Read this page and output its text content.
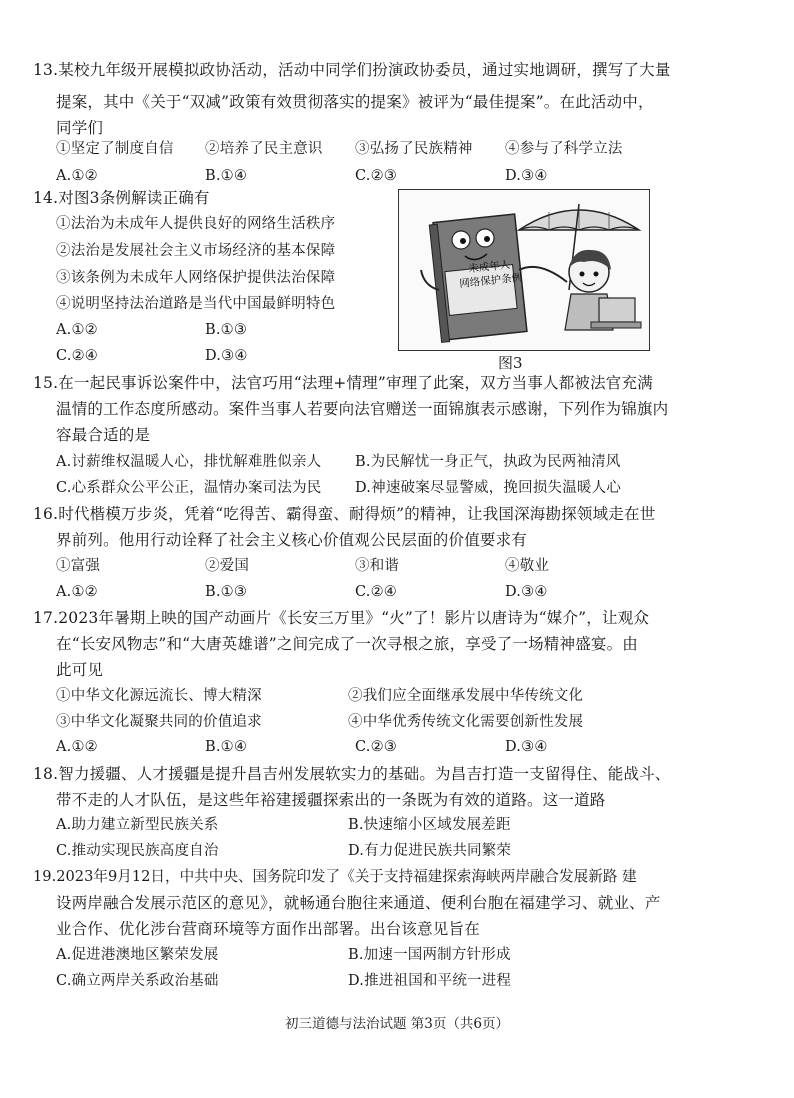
13.某校九年级开展模拟政协活动，活动中同学们扮演政协委员，通过实地调研，撰写了大量
提案，其中《关于“双减”政策有效贯彻落实的提案》被评为“最佳提案”。在此活动中，
同学们
①坚定了制度自信 ②培养了民主意识 ③弘扬了民族精神 ④参与了科学立法
A.①②	B.①④	C.②③	D.③④
14.对图3条例解读正确有
①法治为未成年人提供良好的网络生活秩序
②法治是发展社会主义市场经济的基本保障
③该条例为未成年人网络保护提供法治保障
④说明坚持法治道路是当代中国最鲜明特色
A.①②	B.①③
C.②④	D.③④
未成年人
网络保护条例
图3
15.在一起民事诉讼案件中，法官巧用“法理+情理”审理了此案，双方当事人都被法官充满
温情的工作态度所感动。案件当事人若要向法官赠送一面锦旗表示感谢，下列作为锦旗内
容最合适的是
A.讨薪维权温暖人心，排忧解难胜似亲人 B.为民解忧一身正气，执政为民两袖清风
C.心系群众公平公正，温情办案司法为民 D.神速破案尽显警威，挽回损失温暖人心
16.时代楷模万步炎，凭着“吃得苦、霸得蛮、耐得烦”的精神，让我国深海勘探领域走在世
界前列。他用行动诠释了社会主义核心价值观公民层面的价值要求有
①富强	②爱国	③和谐	④敬业
A.①②	B.①③	C.②④	D.③④
17.2023年暑期上映的国产动画片《长安三万里》“火”了！影片以唐诗为“媒介”，让观众
在“长安风物志”和“大唐英雄谱”之间完成了一次寻根之旅，享受了一场精神盛宴。由
此可见
①中华文化源远流长、博大精深	②我们应全面继承发展中华传统文化
③中华文化凝聚共同的价值追求	④中华优秀传统文化需要创新性发展
A.①②	B.①④	C.②③	D.③④
18.智力援疆、人才援疆是提升昌吉州发展软实力的基础。为昌吉打造一支留得住、能战斗、
带不走的人才队伍，是这些年裕建援疆探索出的一条既为有效的道路。这一道路
A.助力建立新型民族关系	B.快速缩小区域发展差距
C.推动实现民族高度自治	D.有力促进民族共同繁荣
19.2023年9月12日，中共中央、国务院印发了《关于支持福建探索海峡两岸融合发展新路 建
设两岸融合发展示范区的意见》，就畅通台胞往来通道、便利台胞在福建学习、就业、产
业合作、优化涉台营商环境等方面作出部署。出台该意见旨在
A.促进港澳地区繁荣发展	B.加速一国两制方针形成
C.确立两岸关系政治基础	D.推进祖国和平统一进程
初三道德与法治试题 第3页（共6页）
